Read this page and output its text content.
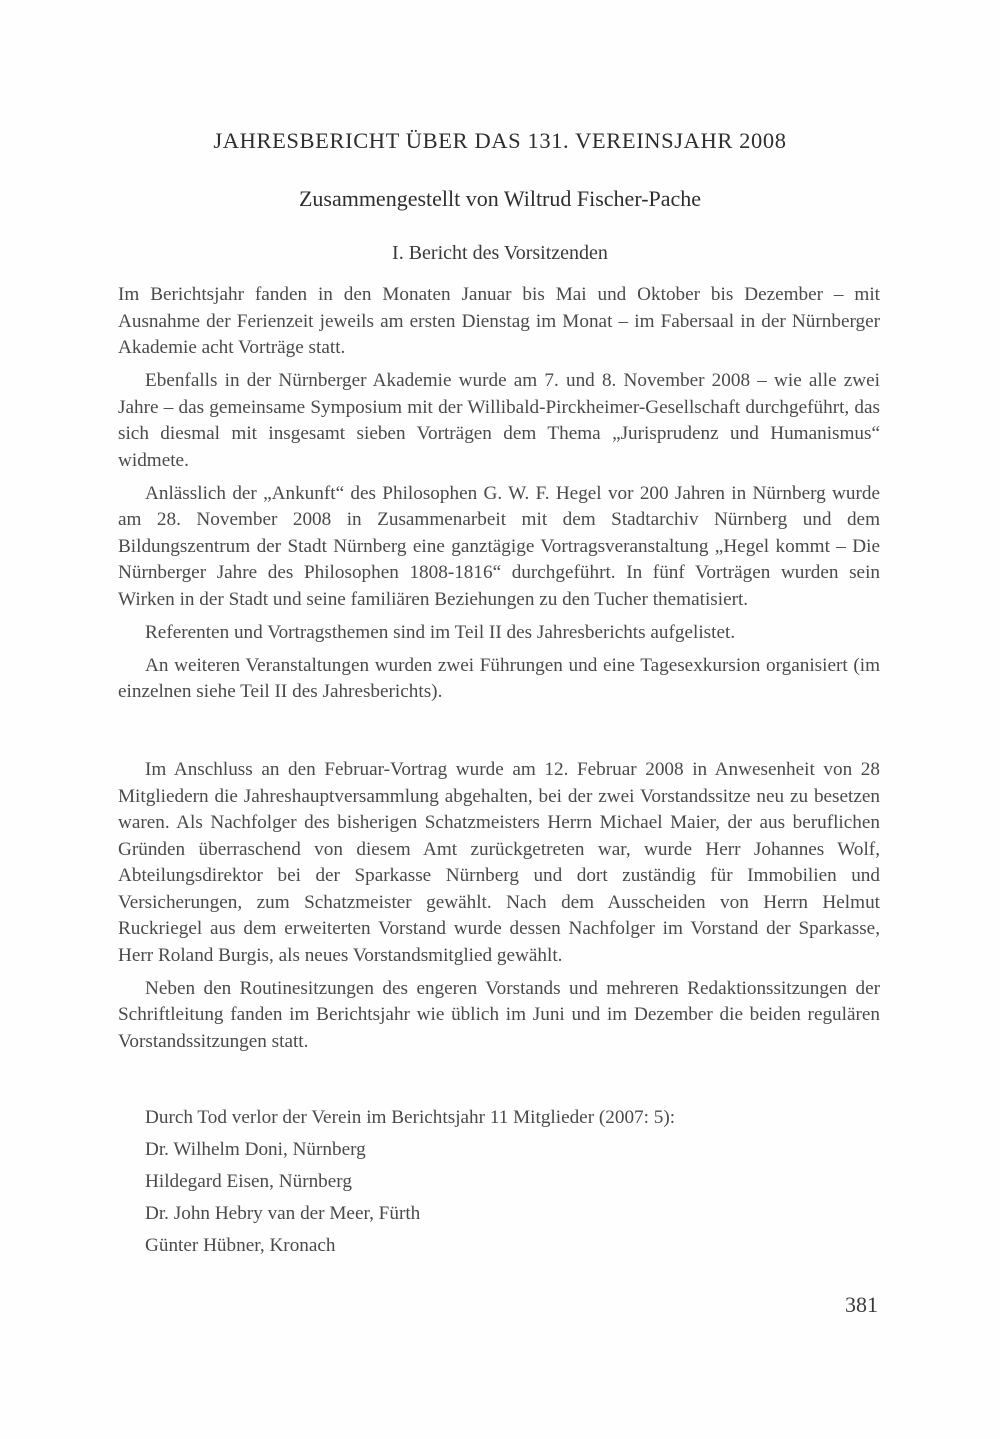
JAHRESBERICHT ÜBER DAS 131. VEREINSJAHR 2008
Zusammengestellt von Wiltrud Fischer-Pache
I. Bericht des Vorsitzenden

Im Berichtsjahr fanden in den Monaten Januar bis Mai und Oktober bis Dezember – mit Ausnahme der Ferienzeit jeweils am ersten Dienstag im Monat – im Fabersaal in der Nürnberger Akademie acht Vorträge statt.

Ebenfalls in der Nürnberger Akademie wurde am 7. und 8. November 2008 – wie alle zwei Jahre – das gemeinsame Symposium mit der Willibald-Pirckheimer-Gesellschaft durchgeführt, das sich diesmal mit insgesamt sieben Vorträgen dem Thema „Jurisprudenz und Humanismus“ widmete.

Anlässlich der „Ankunft“ des Philosophen G. W. F. Hegel vor 200 Jahren in Nürnberg wurde am 28. November 2008 in Zusammenarbeit mit dem Stadtarchiv Nürnberg und dem Bildungszentrum der Stadt Nürnberg eine ganztägige Vortragsveranstaltung „Hegel kommt – Die Nürnberger Jahre des Philosophen 1808-1816“ durchgeführt. In fünf Vorträgen wurden sein Wirken in der Stadt und seine familiären Beziehungen zu den Tucher thematisiert.

Referenten und Vortragsthemen sind im Teil II des Jahresberichts aufgelistet.

An weiteren Veranstaltungen wurden zwei Führungen und eine Tagesexkursion organisiert (im einzelnen siehe Teil II des Jahresberichts).

Im Anschluss an den Februar-Vortrag wurde am 12. Februar 2008 in Anwesenheit von 28 Mitgliedern die Jahreshauptversammlung abgehalten, bei der zwei Vorstandssitze neu zu besetzen waren. Als Nachfolger des bisherigen Schatzmeisters Herrn Michael Maier, der aus beruflichen Gründen überraschend von diesem Amt zurückgetreten war, wurde Herr Johannes Wolf, Abteilungsdirektor bei der Sparkasse Nürnberg und dort zuständig für Immobilien und Versicherungen, zum Schatzmeister gewählt. Nach dem Ausscheiden von Herrn Helmut Ruckriegel aus dem erweiterten Vorstand wurde dessen Nachfolger im Vorstand der Sparkasse, Herr Roland Burgis, als neues Vorstandsmitglied gewählt.

Neben den Routinesitzungen des engeren Vorstands und mehreren Redaktionssitzungen der Schriftleitung fanden im Berichtsjahr wie üblich im Juni und im Dezember die beiden regulären Vorstandssitzungen statt.

Durch Tod verlor der Verein im Berichtsjahr 11 Mitglieder (2007: 5):
Dr. Wilhelm Doni, Nürnberg
Hildegard Eisen, Nürnberg
Dr. John Hebry van der Meer, Fürth
Günter Hübner, Kronach
381
